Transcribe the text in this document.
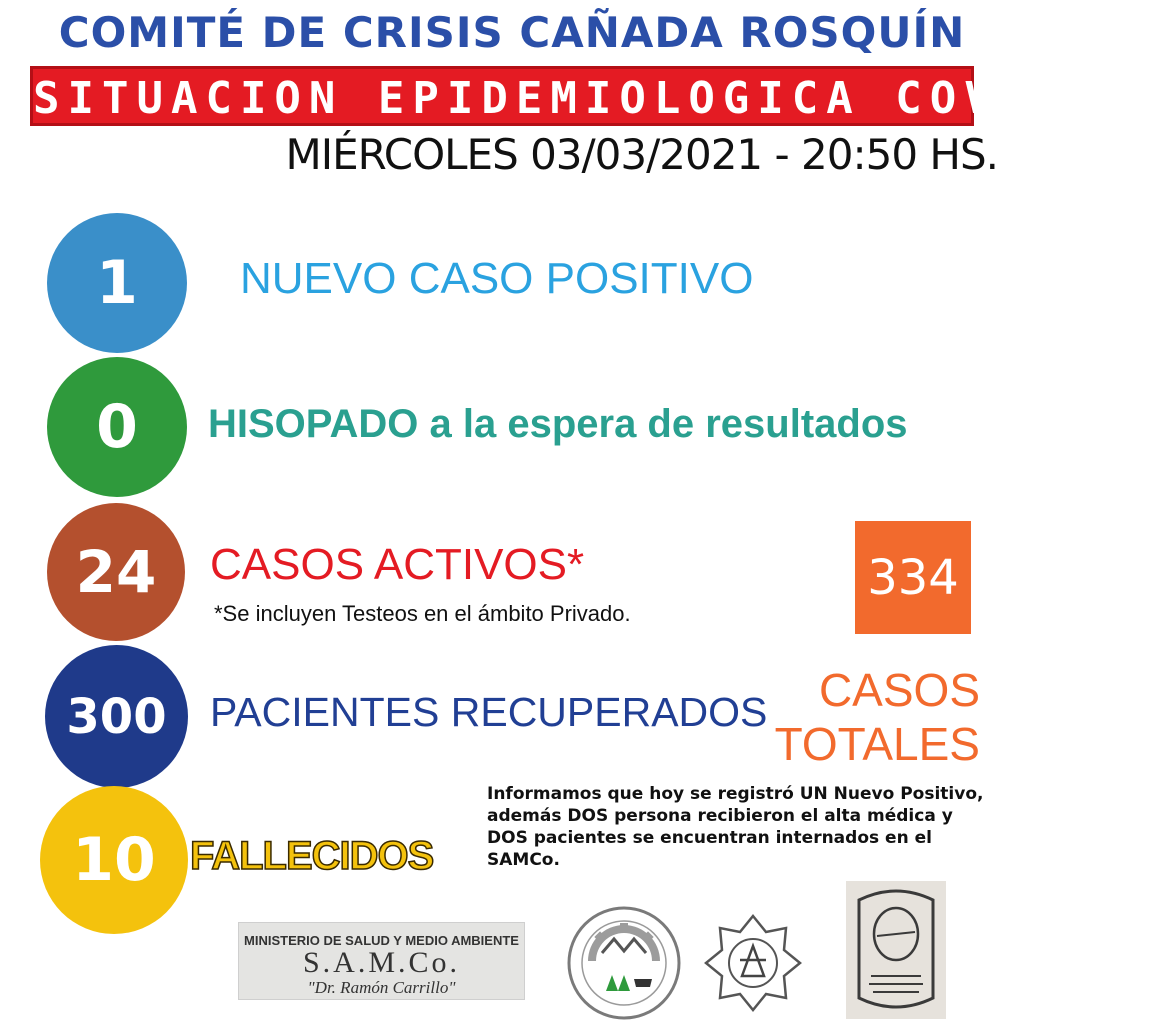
COMITÉ DE CRISIS CAÑADA ROSQUÍN
SITUACION EPIDEMIOLOGICA COVID-19
MIÉRCOLES 03/03/2021 - 20:50 HS.
1	NUEVO CASO POSITIVO
0	HISOPADO a la espera de resultados
24	CASOS ACTIVOS*
*Se incluyen Testeos en el ámbito Privado.
300	PACIENTES RECUPERADOS
10 FALLECIDOS
334
CASOS
TOTALES
Informamos que hoy se registró UN Nuevo Positivo, además DOS persona recibieron el alta médica y DOS pacientes se encuentran internados en el SAMCo.
MINISTERIO DE SALUD Y MEDIO AMBIENTE
S.A.M.Co.
"Dr. Ramón Carrillo"
